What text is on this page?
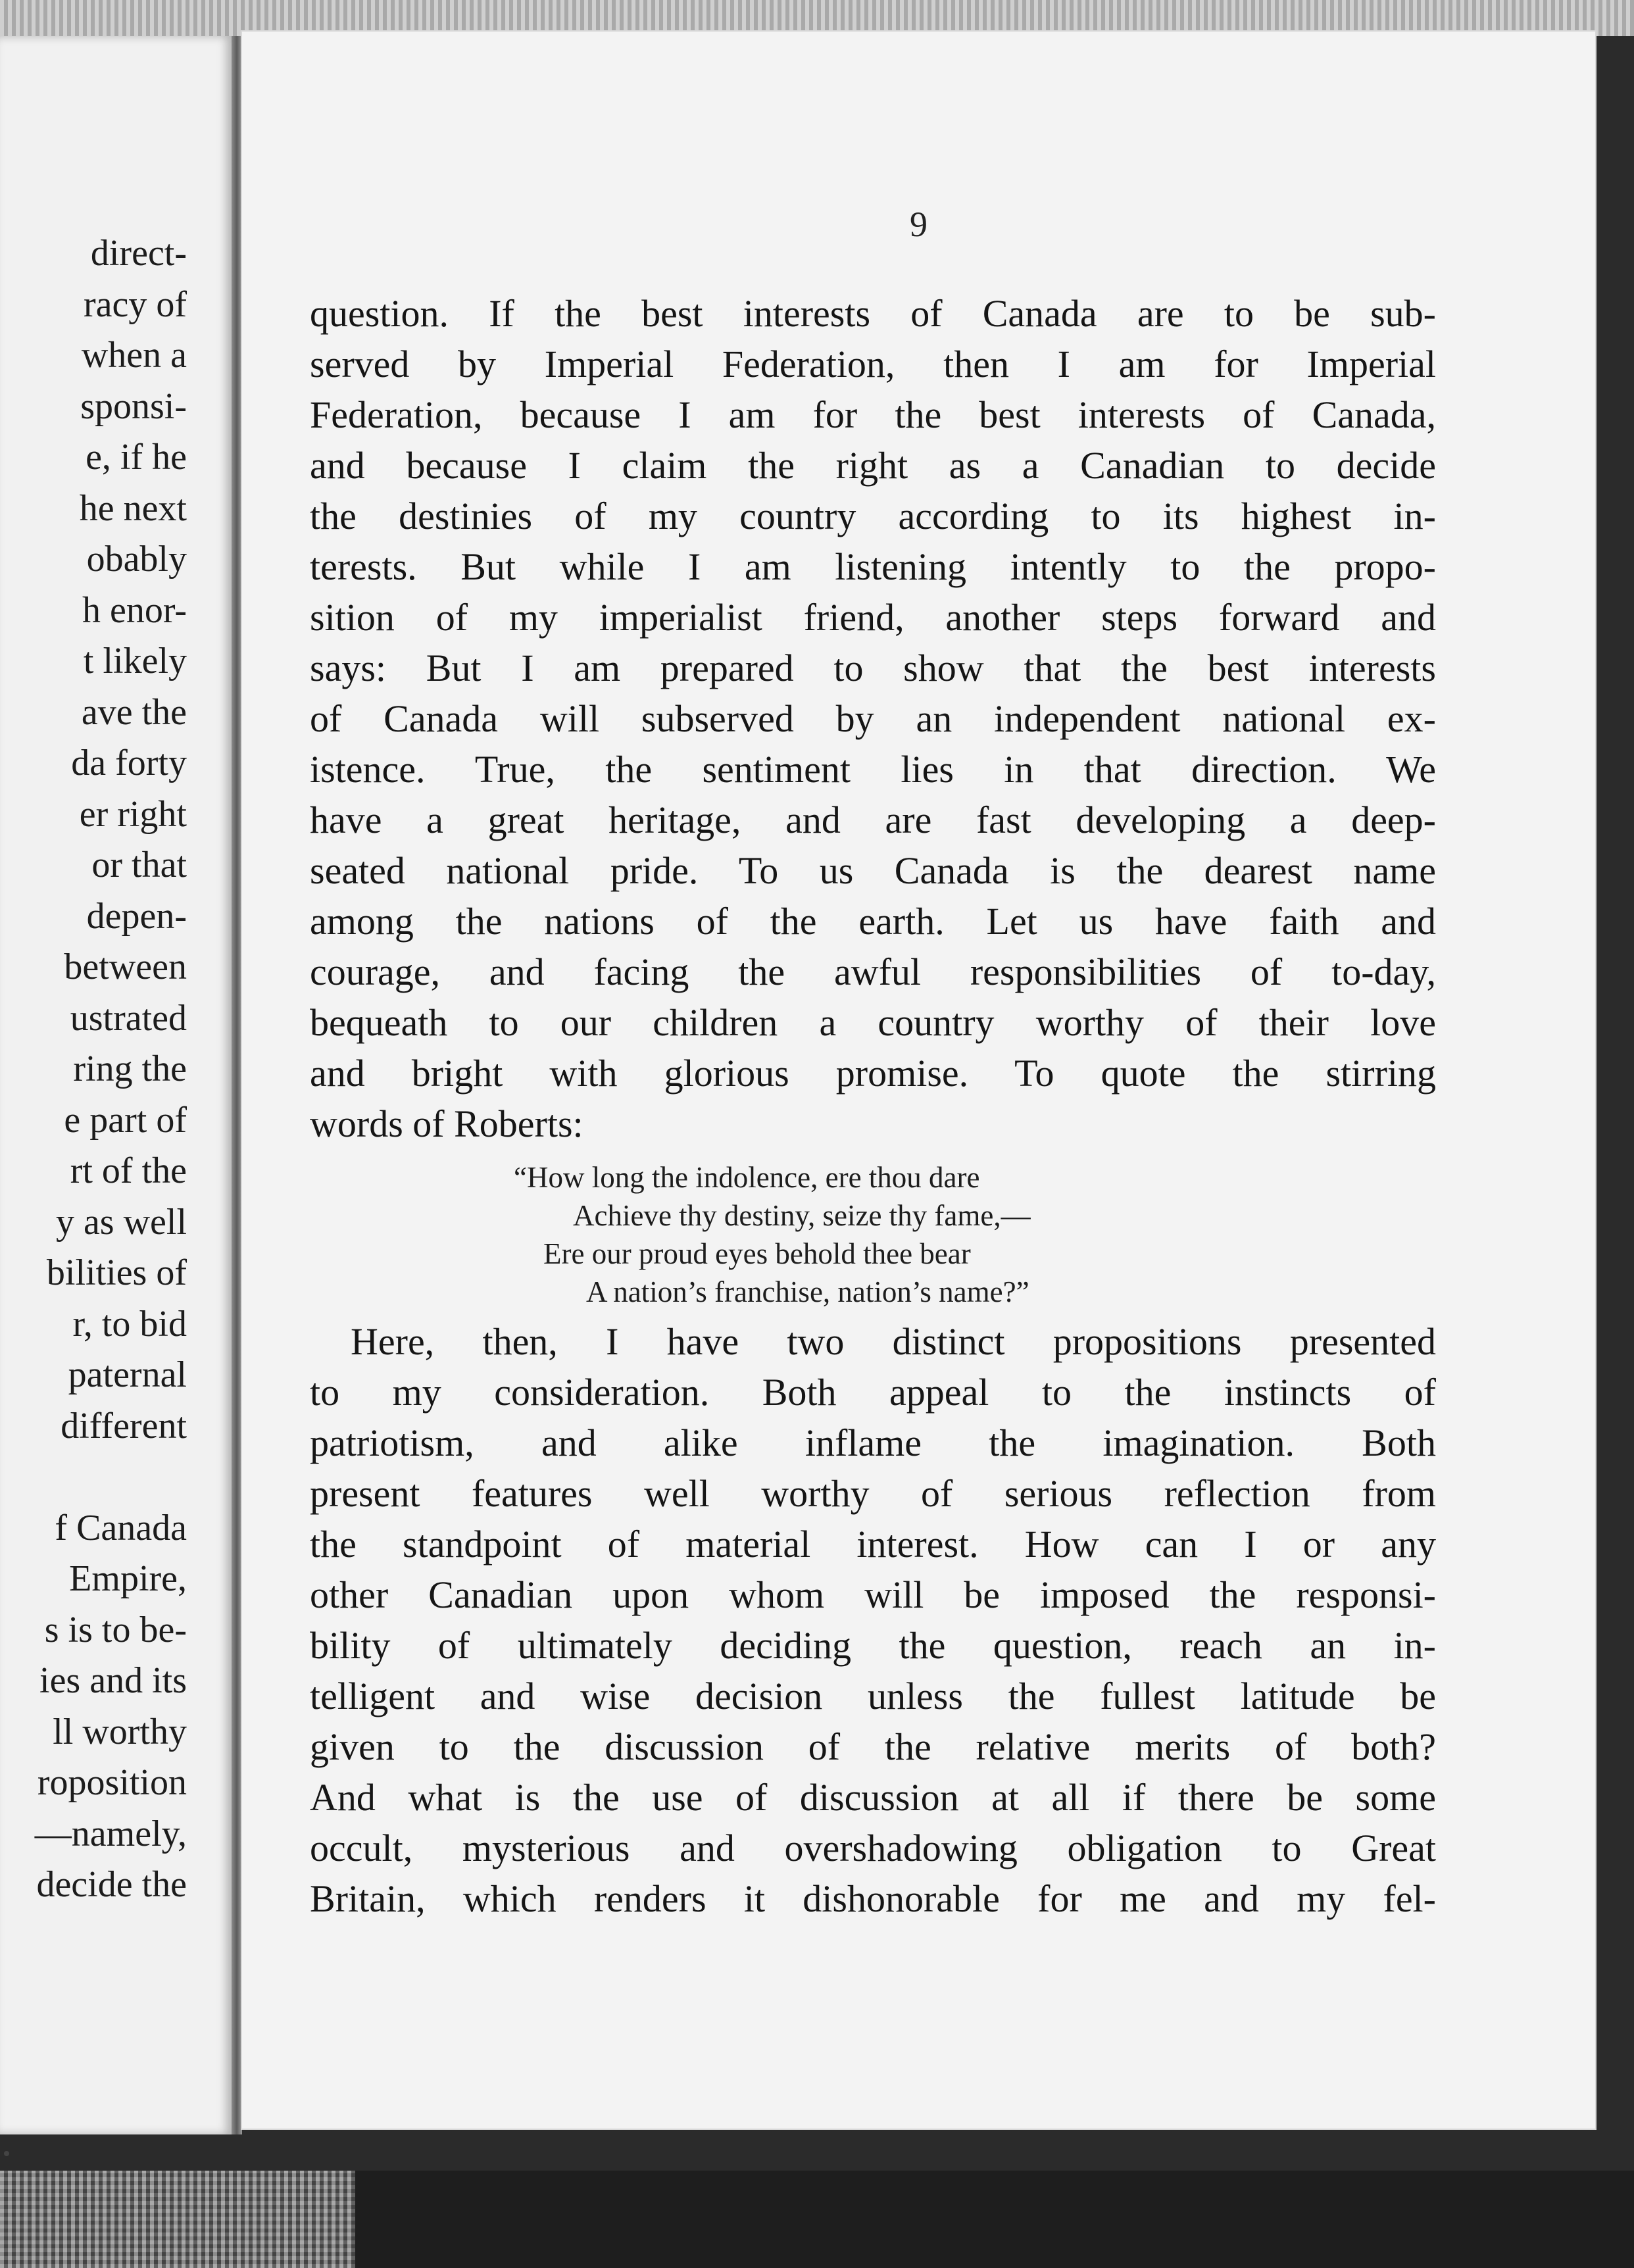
direct-
racy of
when a
sponsi-
e, if he
he next
obably
h enor-
t likely
ave the
da forty
er right
or that
depen-
between
ustrated
ring the
e part of
rt of the
y as well
bilities of
r, to bid
paternal
different
f Canada
Empire,
s is to be-
ies and its
ll worthy
roposition
—namely,
decide the
9
question. If the best interests of Canada are to be sub-
served by Imperial Federation, then I am for Imperial
Federation, because I am for the best interests of Canada,
and because I claim the right as a Canadian to decide
the destinies of my country according to its highest in-
terests. But while I am listening intently to the propo-
sition of my imperialist friend, another steps forward and
says: But I am prepared to show that the best interests
of Canada will subserved by an independent national ex-
istence. True, the sentiment lies in that direction. We
have a great heritage, and are fast developing a deep-
seated national pride. To us Canada is the dearest name
among the nations of the earth. Let us have faith and
courage, and facing the awful responsibilities of to-day,
bequeath to our children a country worthy of their love
and bright with glorious promise. To quote the stirring
words of Roberts:
“How long the indolence, ere thou dare
Achieve thy destiny, seize thy fame,—
Ere our proud eyes behold thee bear
A nation’s franchise, nation’s name?”
Here, then, I have two distinct propositions presented
to my consideration. Both appeal to the instincts of
patriotism, and alike inflame the imagination. Both
present features well worthy of serious reflection from
the standpoint of material interest. How can I or any
other Canadian upon whom will be imposed the responsi-
bility of ultimately deciding the question, reach an in-
telligent and wise decision unless the fullest latitude be
given to the discussion of the relative merits of both?
And what is the use of discussion at all if there be some
occult, mysterious and overshadowing obligation to Great
Britain, which renders it dishonorable for me and my fel-
